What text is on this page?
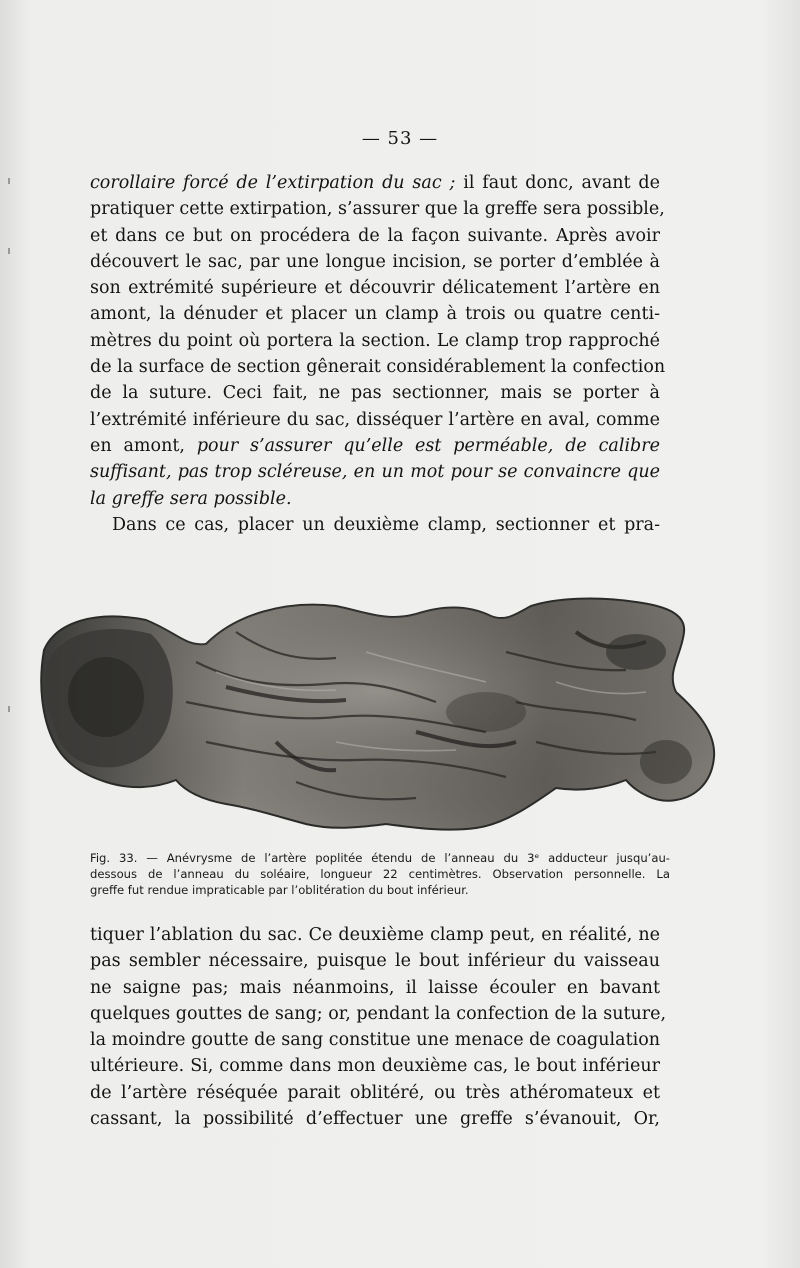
— 53 —
corollaire forcé de l’extirpation du sac ; il faut donc, avant de
pratiquer cette extirpation, s’assurer que la greffe sera possible,
et dans ce but on procédera de la façon suivante. Après avoir
découvert le sac, par une longue incision, se porter d’emblée à
son extrémité supérieure et découvrir délicatement l’artère en
amont, la dénuder et placer un clamp à trois ou quatre centi-
mètres du point où portera la section. Le clamp trop rapproché
de la surface de section gênerait considérablement la confection
de la suture. Ceci fait, ne pas sectionner, mais se porter à
l’extrémité inférieure du sac, disséquer l’artère en aval, comme
en amont, pour s’assurer qu’elle est perméable, de calibre
suffisant, pas trop scléreuse, en un mot pour se convaincre que
la greffe sera possible.
Dans ce cas, placer un deuxième clamp, sectionner et pra-
Fig. 33. — Anévrysme de l’artère poplitée étendu de l’anneau du 3ᵉ adducteur jusqu’au-
dessous de l’anneau du soléaire, longueur 22 centimètres. Observation personnelle. La
greffe fut rendue impraticable par l’oblitération du bout inférieur.
tiquer l’ablation du sac. Ce deuxième clamp peut, en réalité, ne
pas sembler nécessaire, puisque le bout inférieur du vaisseau
ne saigne pas; mais néanmoins, il laisse écouler en bavant
quelques gouttes de sang; or, pendant la confection de la suture,
la moindre goutte de sang constitue une menace de coagulation
ultérieure. Si, comme dans mon deuxième cas, le bout inférieur
de l’artère réséquée parait oblitéré, ou très athéromateux et
cassant, la possibilité d’effectuer une greffe s’évanouit, Or,
